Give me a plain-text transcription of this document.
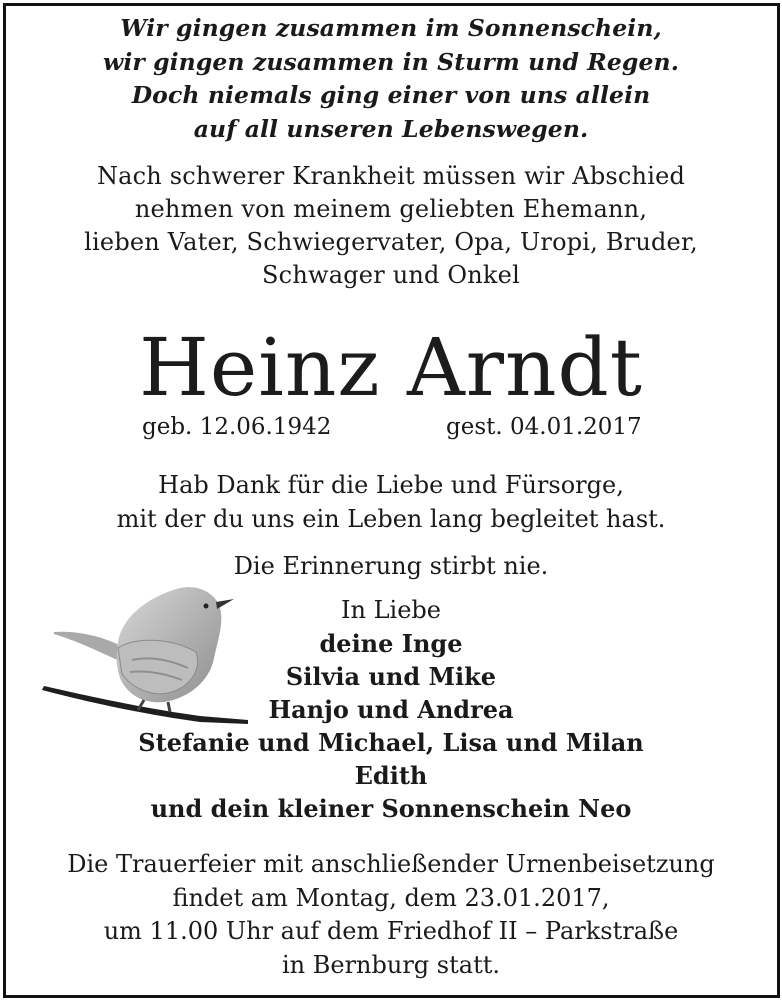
Wir gingen zusammen im Sonnenschein,
wir gingen zusammen in Sturm und Regen.
Doch niemals ging einer von uns allein
auf all unseren Lebenswegen.
Nach schwerer Krankheit müssen wir Abschied
nehmen von meinem geliebten Ehemann,
lieben Vater, Schwiegervater, Opa, Uropi, Bruder,
Schwager und Onkel
Heinz Arndt
geb. 12.06.1942	gest. 04.01.2017
Hab Dank für die Liebe und Fürsorge,
mit der du uns ein Leben lang begleitet hast.
Die Erinnerung stirbt nie.
In Liebe
deine Inge
Silvia und Mike
Hanjo und Andrea
Stefanie und Michael, Lisa und Milan
Edith
und dein kleiner Sonnenschein Neo
Die Trauerfeier mit anschließender Urnenbeisetzung
findet am Montag, dem 23.01.2017,
um 11.00 Uhr auf dem Friedhof II – Parkstraße
in Bernburg statt.
